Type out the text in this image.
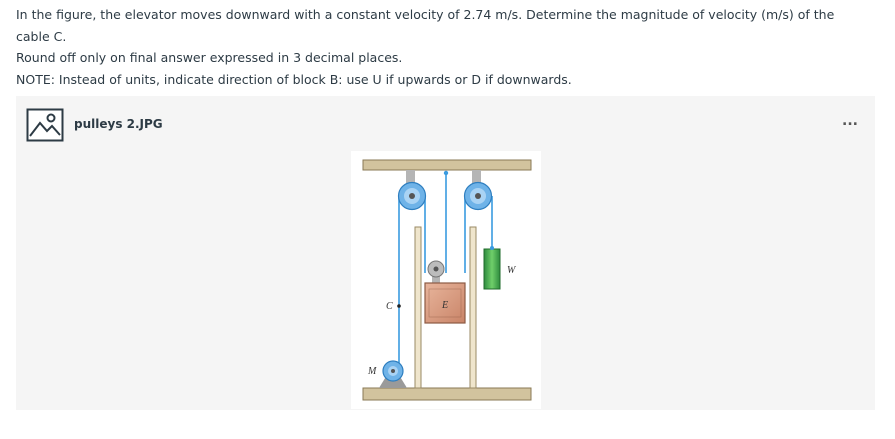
In the figure, the elevator moves downward with a constant velocity of 2.74 m/s. Determine the magnitude of velocity (m/s) of the

cable C.

Round off only on final answer expressed in 3 decimal places.

NOTE: Instead of units, indicate direction of block B: use U if upwards or D if downwards.

pulleys 2.JPG	...
E
W
C
M
